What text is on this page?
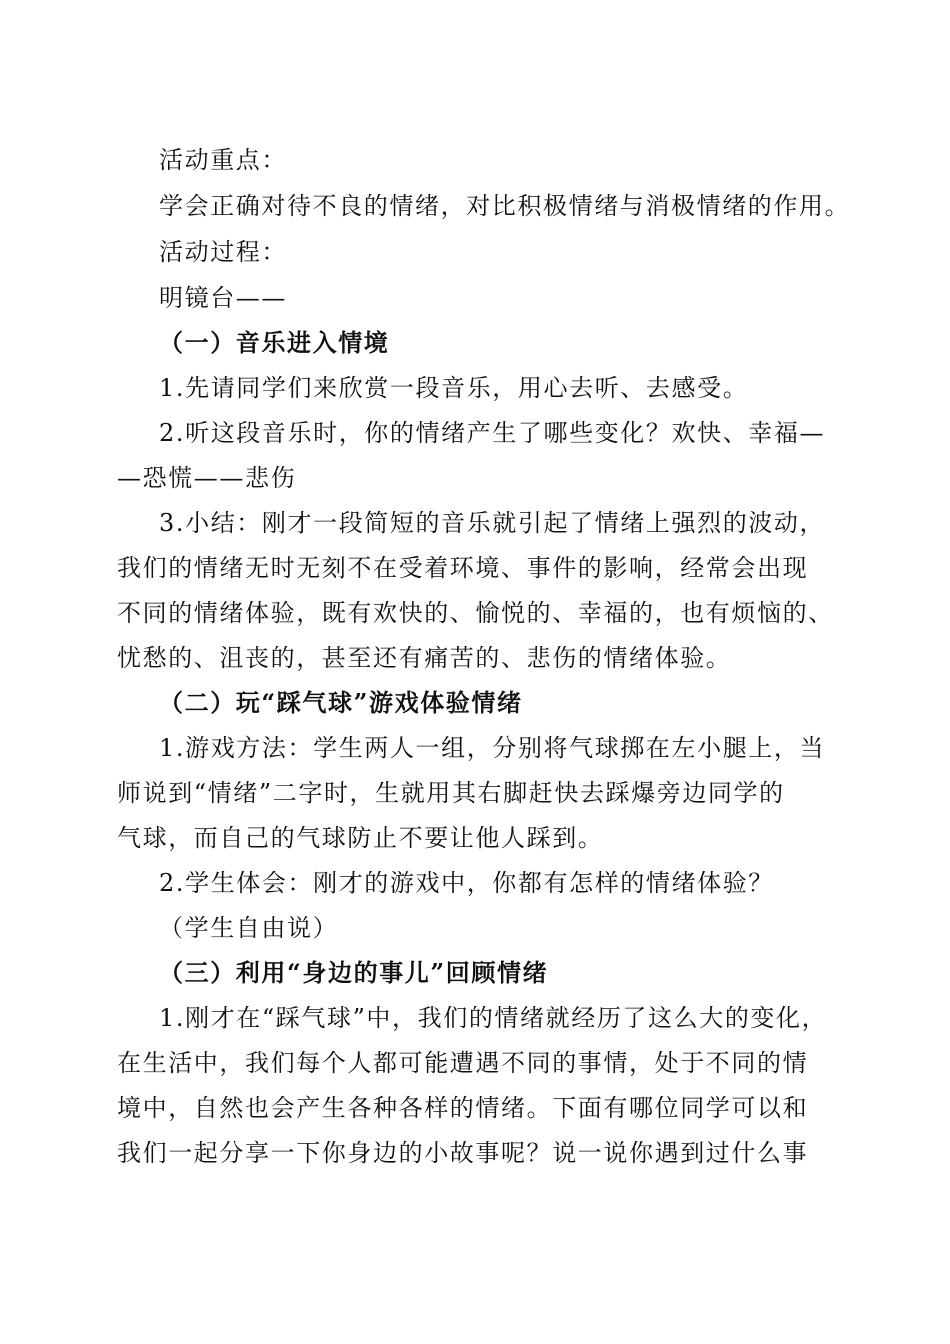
活动重点：
学会正确对待不良的情绪，对比积极情绪与消极情绪的作用。
活动过程：
明镜台——
（一）音乐进入情境
1.先请同学们来欣赏一段音乐，用心去听、去感受。
2.听这段音乐时，你的情绪产生了哪些变化？欢快、幸福—
—恐慌——悲伤
3.小结：刚才一段简短的音乐就引起了情绪上强烈的波动，
我们的情绪无时无刻不在受着环境、事件的影响，经常会出现
不同的情绪体验，既有欢快的、愉悦的、幸福的，也有烦恼的、
忧愁的、沮丧的，甚至还有痛苦的、悲伤的情绪体验。
（二）玩“踩气球”游戏体验情绪
1.游戏方法：学生两人一组，分别将气球掷在左小腿上，当
师说到“情绪”二字时，生就用其右脚赶快去踩爆旁边同学的
气球，而自己的气球防止不要让他人踩到。
2.学生体会：刚才的游戏中，你都有怎样的情绪体验？
（学生自由说）
（三）利用“身边的事儿”回顾情绪
1.刚才在“踩气球”中，我们的情绪就经历了这么大的变化，
在生活中，我们每个人都可能遭遇不同的事情，处于不同的情
境中，自然也会产生各种各样的情绪。下面有哪位同学可以和
我们一起分享一下你身边的小故事呢？说一说你遇到过什么事
